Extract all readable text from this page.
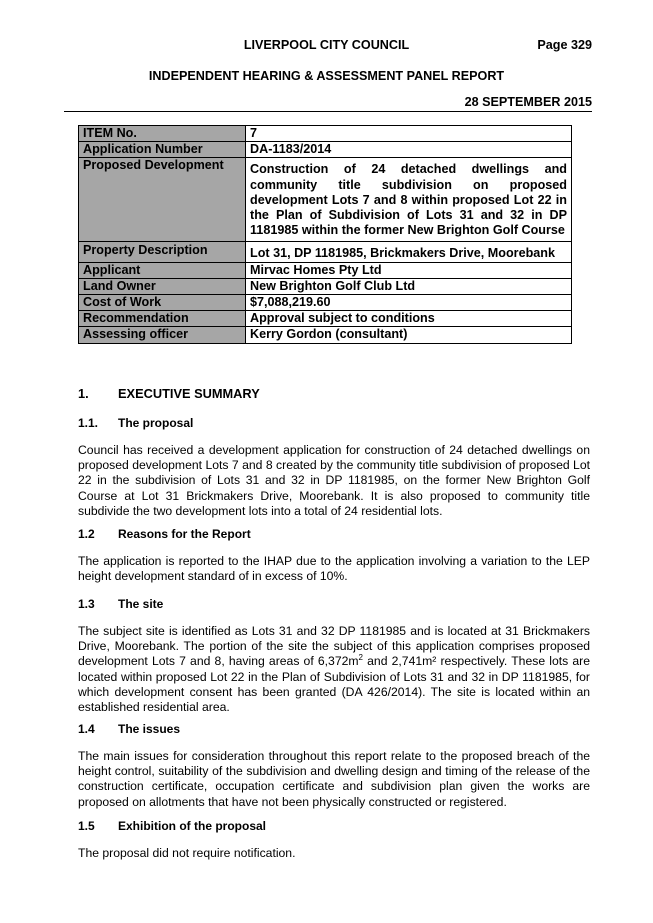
LIVERPOOL CITY COUNCIL	Page 329
INDEPENDENT HEARING & ASSESSMENT PANEL REPORT
28 SEPTEMBER 2015
ITEM No.	7
Application Number	DA-1183/2014
Proposed Development	Construction of 24 detached dwellings and community title subdivision on proposed development Lots 7 and 8 within proposed Lot 22 in the Plan of Subdivision of Lots 31 and 32 in DP 1181985 within the former New Brighton Golf Course
Property Description	Lot 31, DP 1181985, Brickmakers Drive, Moorebank
Applicant	Mirvac Homes Pty Ltd
Land Owner	New Brighton Golf Club Ltd
Cost of Work	$7,088,219.60
Recommendation	Approval subject to conditions
Assessing officer	Kerry Gordon (consultant)
1. EXECUTIVE SUMMARY
1.1. The proposal
Council has received a development application for construction of 24 detached dwellings on proposed development Lots 7 and 8 created by the community title subdivision of proposed Lot 22 in the subdivision of Lots 31 and 32 in DP 1181985, on the former New Brighton Golf Course at Lot 31 Brickmakers Drive, Moorebank. It is also proposed to community title subdivide the two development lots into a total of 24 residential lots.
1.2 Reasons for the Report
The application is reported to the IHAP due to the application involving a variation to the LEP height development standard of in excess of 10%.
1.3 The site
The subject site is identified as Lots 31 and 32 DP 1181985 and is located at 31 Brickmakers Drive, Moorebank. The portion of the site the subject of this application comprises proposed development Lots 7 and 8, having areas of $6,372m^2$ and 2,741m² respectively. These lots are located within proposed Lot 22 in the Plan of Subdivision of Lots 31 and 32 in DP 1181985, for which development consent has been granted (DA 426/2014). The site is located within an established residential area.
1.4 The issues
The main issues for consideration throughout this report relate to the proposed breach of the height control, suitability of the subdivision and dwelling design and timing of the release of the construction certificate, occupation certificate and subdivision plan given the works are proposed on allotments that have not been physically constructed or registered.
1.5 Exhibition of the proposal
The proposal did not require notification.
